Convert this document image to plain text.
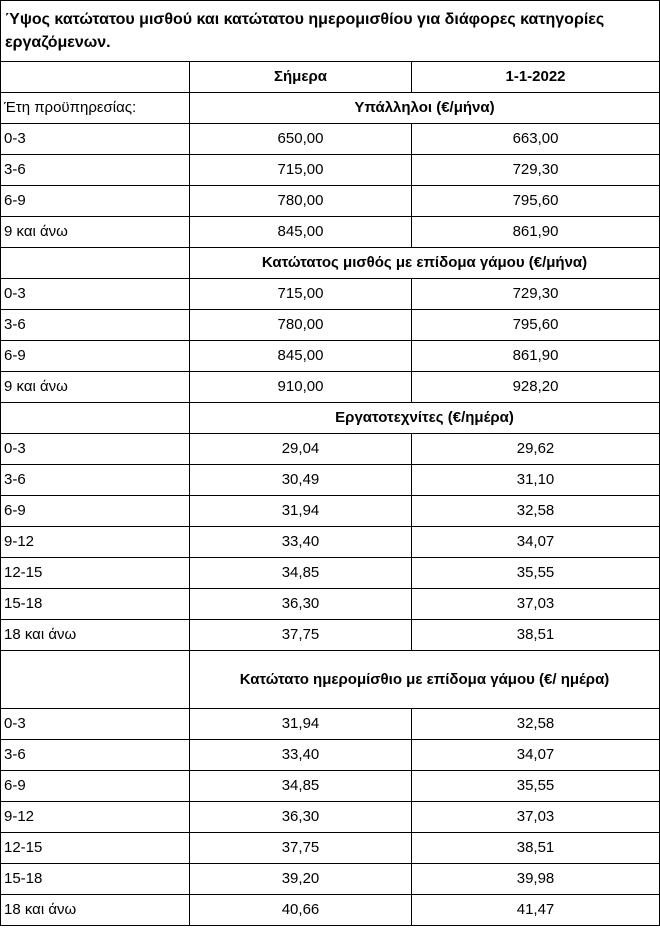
Ύψος κατώτατου μισθού και κατώτατου ημερομισθίου για διάφορες κατηγορίες εργαζόμενων.		
	Σήμερα	1-1-2022
Έτη προϋπηρεσίας:	Υπάλληλοι (€/μήνα)	
0-3	650,00	663,00
3-6	715,00	729,30
6-9	780,00	795,60
9 και άνω	845,00	861,90
	Κατώτατος μισθός με επίδομα γάμου (€/μήνα)	
0-3	715,00	729,30
3-6	780,00	795,60
6-9	845,00	861,90
9 και άνω	910,00	928,20
	Εργατοτεχνίτες (€/ημέρα)	
0-3	29,04	29,62
3-6	30,49	31,10
6-9	31,94	32,58
9-12	33,40	34,07
12-15	34,85	35,55
15-18	36,30	37,03
18 και άνω	37,75	38,51
	Κατώτατο ημερομίσθιο με επίδομα γάμου (€/ ημέρα)	
0-3	31,94	32,58
3-6	33,40	34,07
6-9	34,85	35,55
9-12	36,30	37,03
12-15	37,75	38,51
15-18	39,20	39,98
18 και άνω	40,66	41,47
